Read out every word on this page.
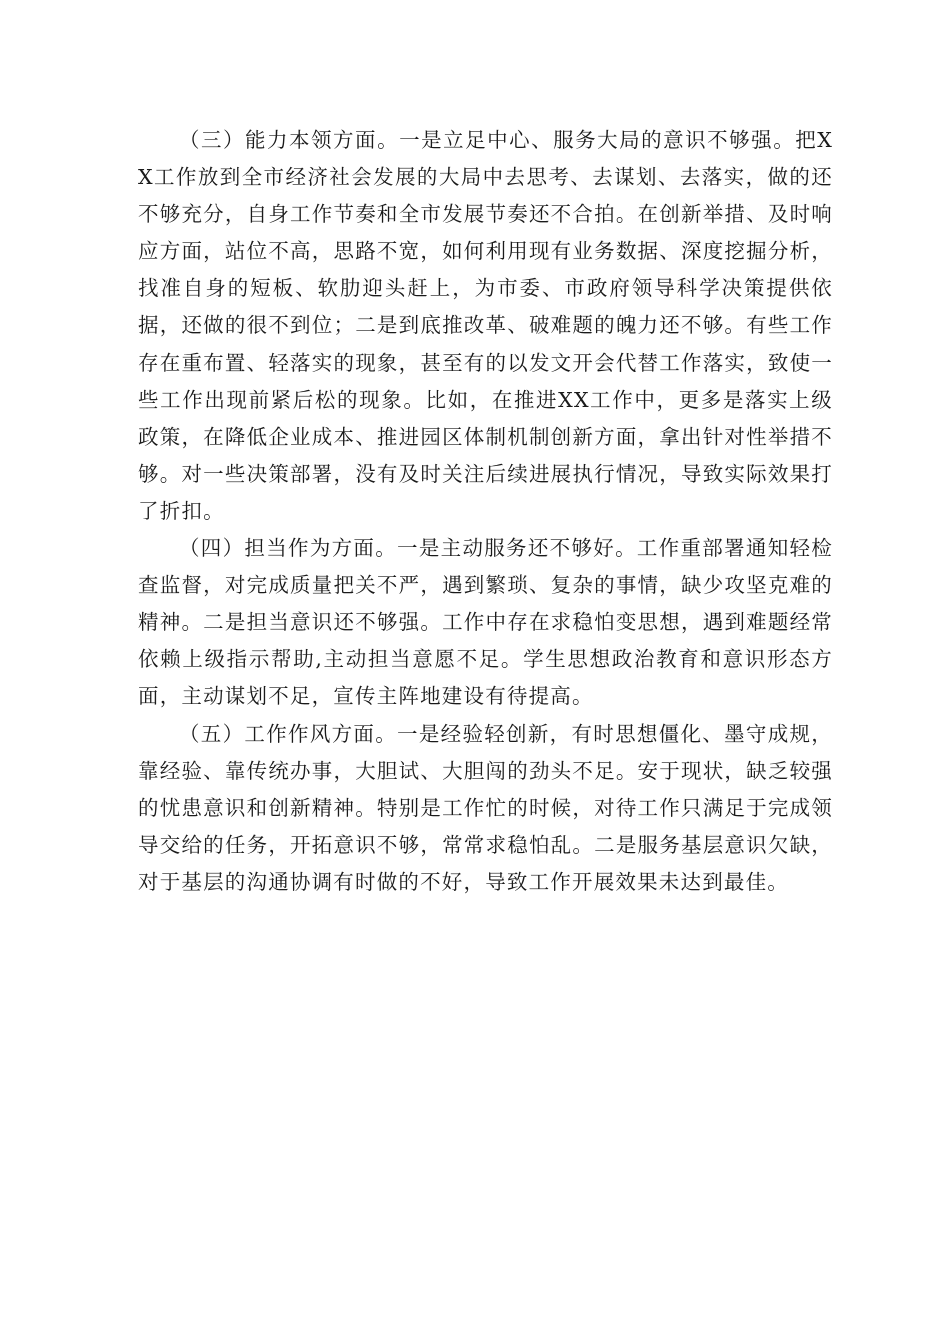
（三）能力本领方面。一是立足中心、服务大局的意识不够强。把XX工作放到全市经济社会发展的大局中去思考、去谋划、去落实，做的还不够充分，自身工作节奏和全市发展节奏还不合拍。在创新举措、及时响应方面，站位不高，思路不宽，如何利用现有业务数据、深度挖掘分析，找准自身的短板、软肋迎头赶上，为市委、市政府领导科学决策提供依据，还做的很不到位；二是到底推改革、破难题的魄力还不够。有些工作存在重布置、轻落实的现象，甚至有的以发文开会代替工作落实，致使一些工作出现前紧后松的现象。比如，在推进XX工作中，更多是落实上级政策，在降低企业成本、推进园区体制机制创新方面，拿出针对性举措不够。对一些决策部署，没有及时关注后续进展执行情况，导致实际效果打了折扣。

（四）担当作为方面。一是主动服务还不够好。工作重部署通知轻检查监督，对完成质量把关不严，遇到繁琐、复杂的事情，缺少攻坚克难的精神。二是担当意识还不够强。工作中存在求稳怕变思想，遇到难题经常依赖上级指示帮助,主动担当意愿不足。学生思想政治教育和意识形态方面，主动谋划不足，宣传主阵地建设有待提高。

（五）工作作风方面。一是经验轻创新，有时思想僵化、墨守成规，靠经验、靠传统办事，大胆试、大胆闯的劲头不足。安于现状，缺乏较强的忧患意识和创新精神。特别是工作忙的时候，对待工作只满足于完成领导交给的任务，开拓意识不够，常常求稳怕乱。二是服务基层意识欠缺，对于基层的沟通协调有时做的不好，导致工作开展效果未达到最佳。
